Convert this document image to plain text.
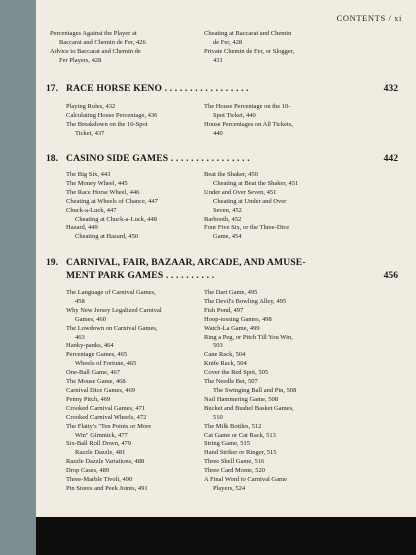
CONTENTS / xi
Percentages Against the Player at
Baccarat and Chemin de Fer, 426
Advice to Baccarat and Chemin de
Fer Players, 428
Cheating at Baccarat and Chemin
de Fer, 428
Private Chemin de Fer, or Slogger,
431
17. RACE HORSE KENO . . . . . . . . . . . . . . . . .	432
Playing Rules, 432
Calculating House Percentage, 436
The Breakdown on the 10-Spot
Ticket, 437
The House Percentage on the 10-
Spot Ticket, 440
House Percentages on All Tickets,
440
18. CASINO SIDE GAMES . . . . . . . . . . . . . . . .	442
The Big Six, 443
The Money Wheel, 445
The Race Horse Wheel, 446
Cheating at Wheels of Chance, 447
Chuck-a-Luck, 447
Cheating at Chuck-a-Luck, 448
Hazard, 449
Cheating at Hazard, 450
Beat the Shaker, 450
Cheating at Beat the Shaker, 451
Under and Over Seven, 451
Cheating at Under and Over
Seven, 452
Barbooth, 452
Four Five Six, or the Three-Dice
Game, 454
19. CARNIVAL, FAIR, BAZAAR, ARCADE, AND AMUSE-
MENT PARK GAMES . . . . . . . . . .	456
The Language of Carnival Games,
458
Why New Jersey Legalized Carnival
Games, 460
The Lowdown on Carnival Games,
463
Hanky-panks, 464
Percentage Games, 465
Wheels of Fortune, 465
One-Ball Game, 467
The Mouse Game, 468
Carnival Dice Games, 469
Penny Pitch, 469
Crooked Carnival Games, 471
Crooked Carnival Wheels, 472
The Flatty's "Ten Points or More
Win" Gimmick, 477
Six-Ball Roll Down, 479
Razzle Dazzle, 481
Razzle Dazzle Variations, 488
Drop Cases, 489
Three-Marble Tivoli, 490
Pin Stores and Peek Joints, 491
The Dart Game, 495
The Devil's Bowling Alley, 495
Fish Pond, 497
Hoop-tossing Games, 498
Watch-La Game, 499
Ring a Peg, or Pitch Till You Win,
503
Cane Rack, 504
Knife Rack, 504
Cover the Red Spot, 505
The Needle Bet, 507
The Swinging Ball and Pin, 508
Nail Hammering Game, 508
Bucket and Bushel Basket Games,
510
The Milk Bottles, 512
Cat Game or Cat Rack, 513
String Game, 515
Hand Striker or Ringer, 515
Three Shell Game, 516
Three Card Monte, 520
A Final Word to Carnival Game
Players, 524
